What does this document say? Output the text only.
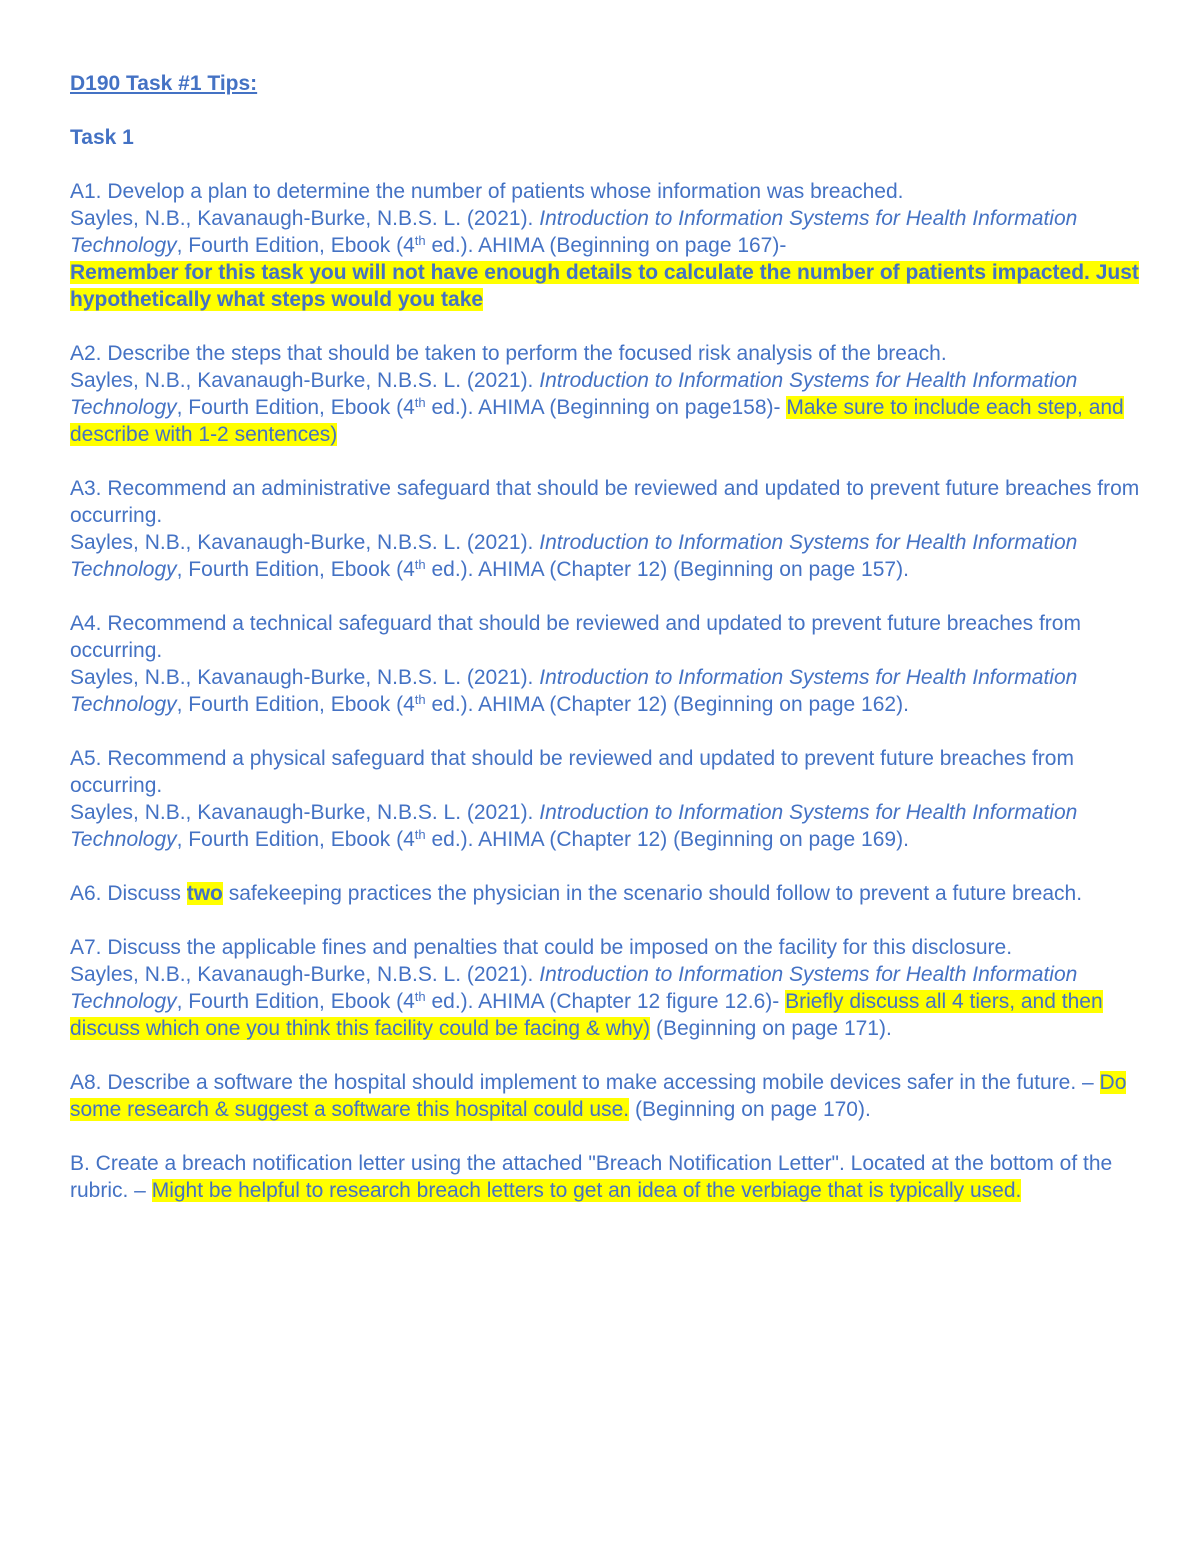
D190 Task #1 Tips:
Task 1
A1. Develop a plan to determine the number of patients whose information was breached.
Sayles, N.B., Kavanaugh-Burke, N.B.S. L. (2021). Introduction to Information Systems for Health Information Technology, Fourth Edition, Ebook (4th ed.). AHIMA (Beginning on page 167)-
Remember for this task you will not have enough details to calculate the number of patients impacted. Just hypothetically what steps would you take
A2. Describe the steps that should be taken to perform the focused risk analysis of the breach.
Sayles, N.B., Kavanaugh-Burke, N.B.S. L. (2021). Introduction to Information Systems for Health Information Technology, Fourth Edition, Ebook (4th ed.). AHIMA (Beginning on page158)- Make sure to include each step, and describe with 1-2 sentences)
A3. Recommend an administrative safeguard that should be reviewed and updated to prevent future breaches from occurring.
Sayles, N.B., Kavanaugh-Burke, N.B.S. L. (2021). Introduction to Information Systems for Health Information Technology, Fourth Edition, Ebook (4th ed.). AHIMA (Chapter 12) (Beginning on page 157).
A4. Recommend a technical safeguard that should be reviewed and updated to prevent future breaches from occurring.
Sayles, N.B., Kavanaugh-Burke, N.B.S. L. (2021). Introduction to Information Systems for Health Information Technology, Fourth Edition, Ebook (4th ed.). AHIMA (Chapter 12) (Beginning on page 162).
A5. Recommend a physical safeguard that should be reviewed and updated to prevent future breaches from occurring.
Sayles, N.B., Kavanaugh-Burke, N.B.S. L. (2021). Introduction to Information Systems for Health Information Technology, Fourth Edition, Ebook (4th ed.). AHIMA (Chapter 12) (Beginning on page 169).
A6. Discuss two safekeeping practices the physician in the scenario should follow to prevent a future breach.
A7. Discuss the applicable fines and penalties that could be imposed on the facility for this disclosure.
Sayles, N.B., Kavanaugh-Burke, N.B.S. L. (2021). Introduction to Information Systems for Health Information Technology, Fourth Edition, Ebook (4th ed.). AHIMA (Chapter 12 figure 12.6)- Briefly discuss all 4 tiers, and then discuss which one you think this facility could be facing & why) (Beginning on page 171).
A8. Describe a software the hospital should implement to make accessing mobile devices safer in the future. – Do some research & suggest a software this hospital could use. (Beginning on page 170).
B. Create a breach notification letter using the attached "Breach Notification Letter". Located at the bottom of the rubric. – Might be helpful to research breach letters to get an idea of the verbiage that is typically used.
